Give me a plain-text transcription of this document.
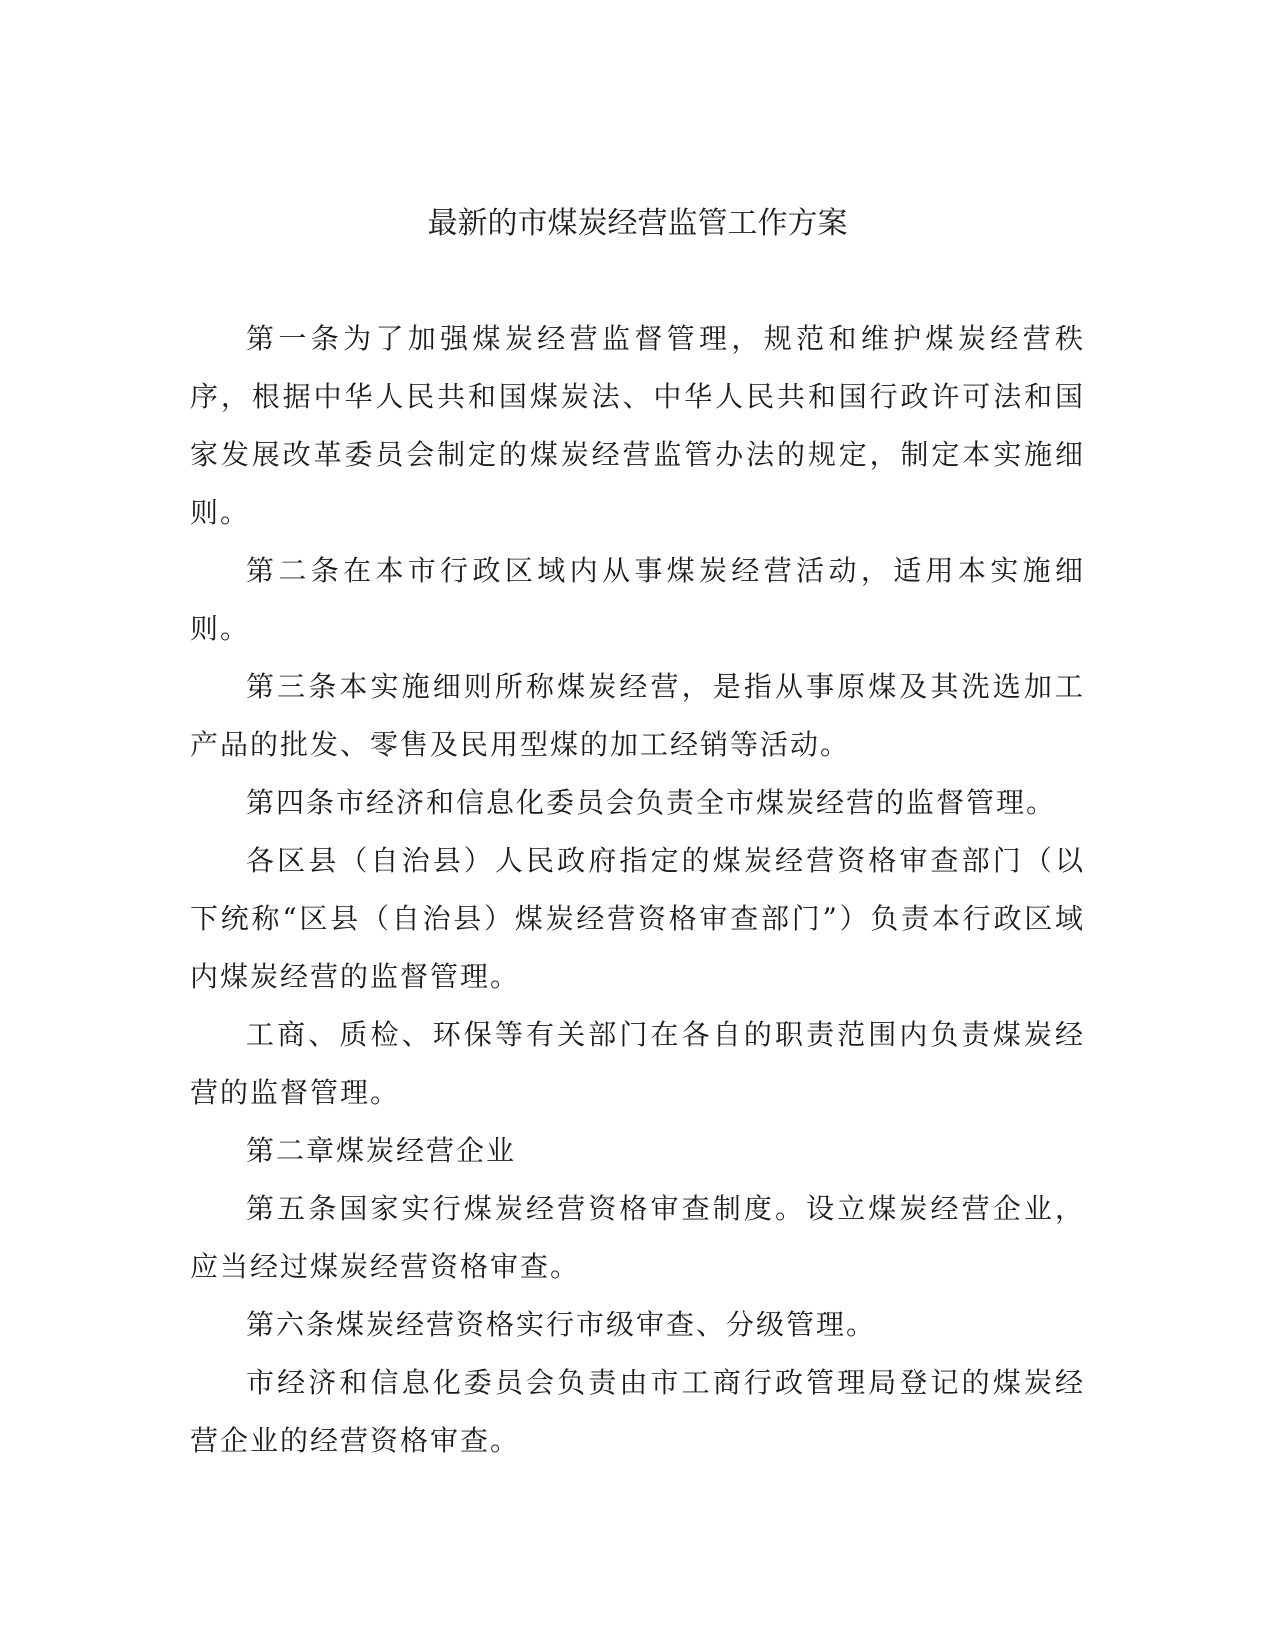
最新的市煤炭经营监管工作方案

第一条为了加强煤炭经营监督管理，规范和维护煤炭经营秩序，根据中华人民共和国煤炭法、中华人民共和国行政许可法和国家发展改革委员会制定的煤炭经营监管办法的规定，制定本实施细则。

第二条在本市行政区域内从事煤炭经营活动，适用本实施细则。

第三条本实施细则所称煤炭经营，是指从事原煤及其洗选加工产品的批发、零售及民用型煤的加工经销等活动。

第四条市经济和信息化委员会负责全市煤炭经营的监督管理。

各区县（自治县）人民政府指定的煤炭经营资格审查部门（以下统称“区县（自治县）煤炭经营资格审查部门”）负责本行政区域内煤炭经营的监督管理。

工商、质检、环保等有关部门在各自的职责范围内负责煤炭经营的监督管理。

第二章煤炭经营企业

第五条国家实行煤炭经营资格审查制度。设立煤炭经营企业，应当经过煤炭经营资格审查。

第六条煤炭经营资格实行市级审查、分级管理。

市经济和信息化委员会负责由市工商行政管理局登记的煤炭经营企业的经营资格审查。
